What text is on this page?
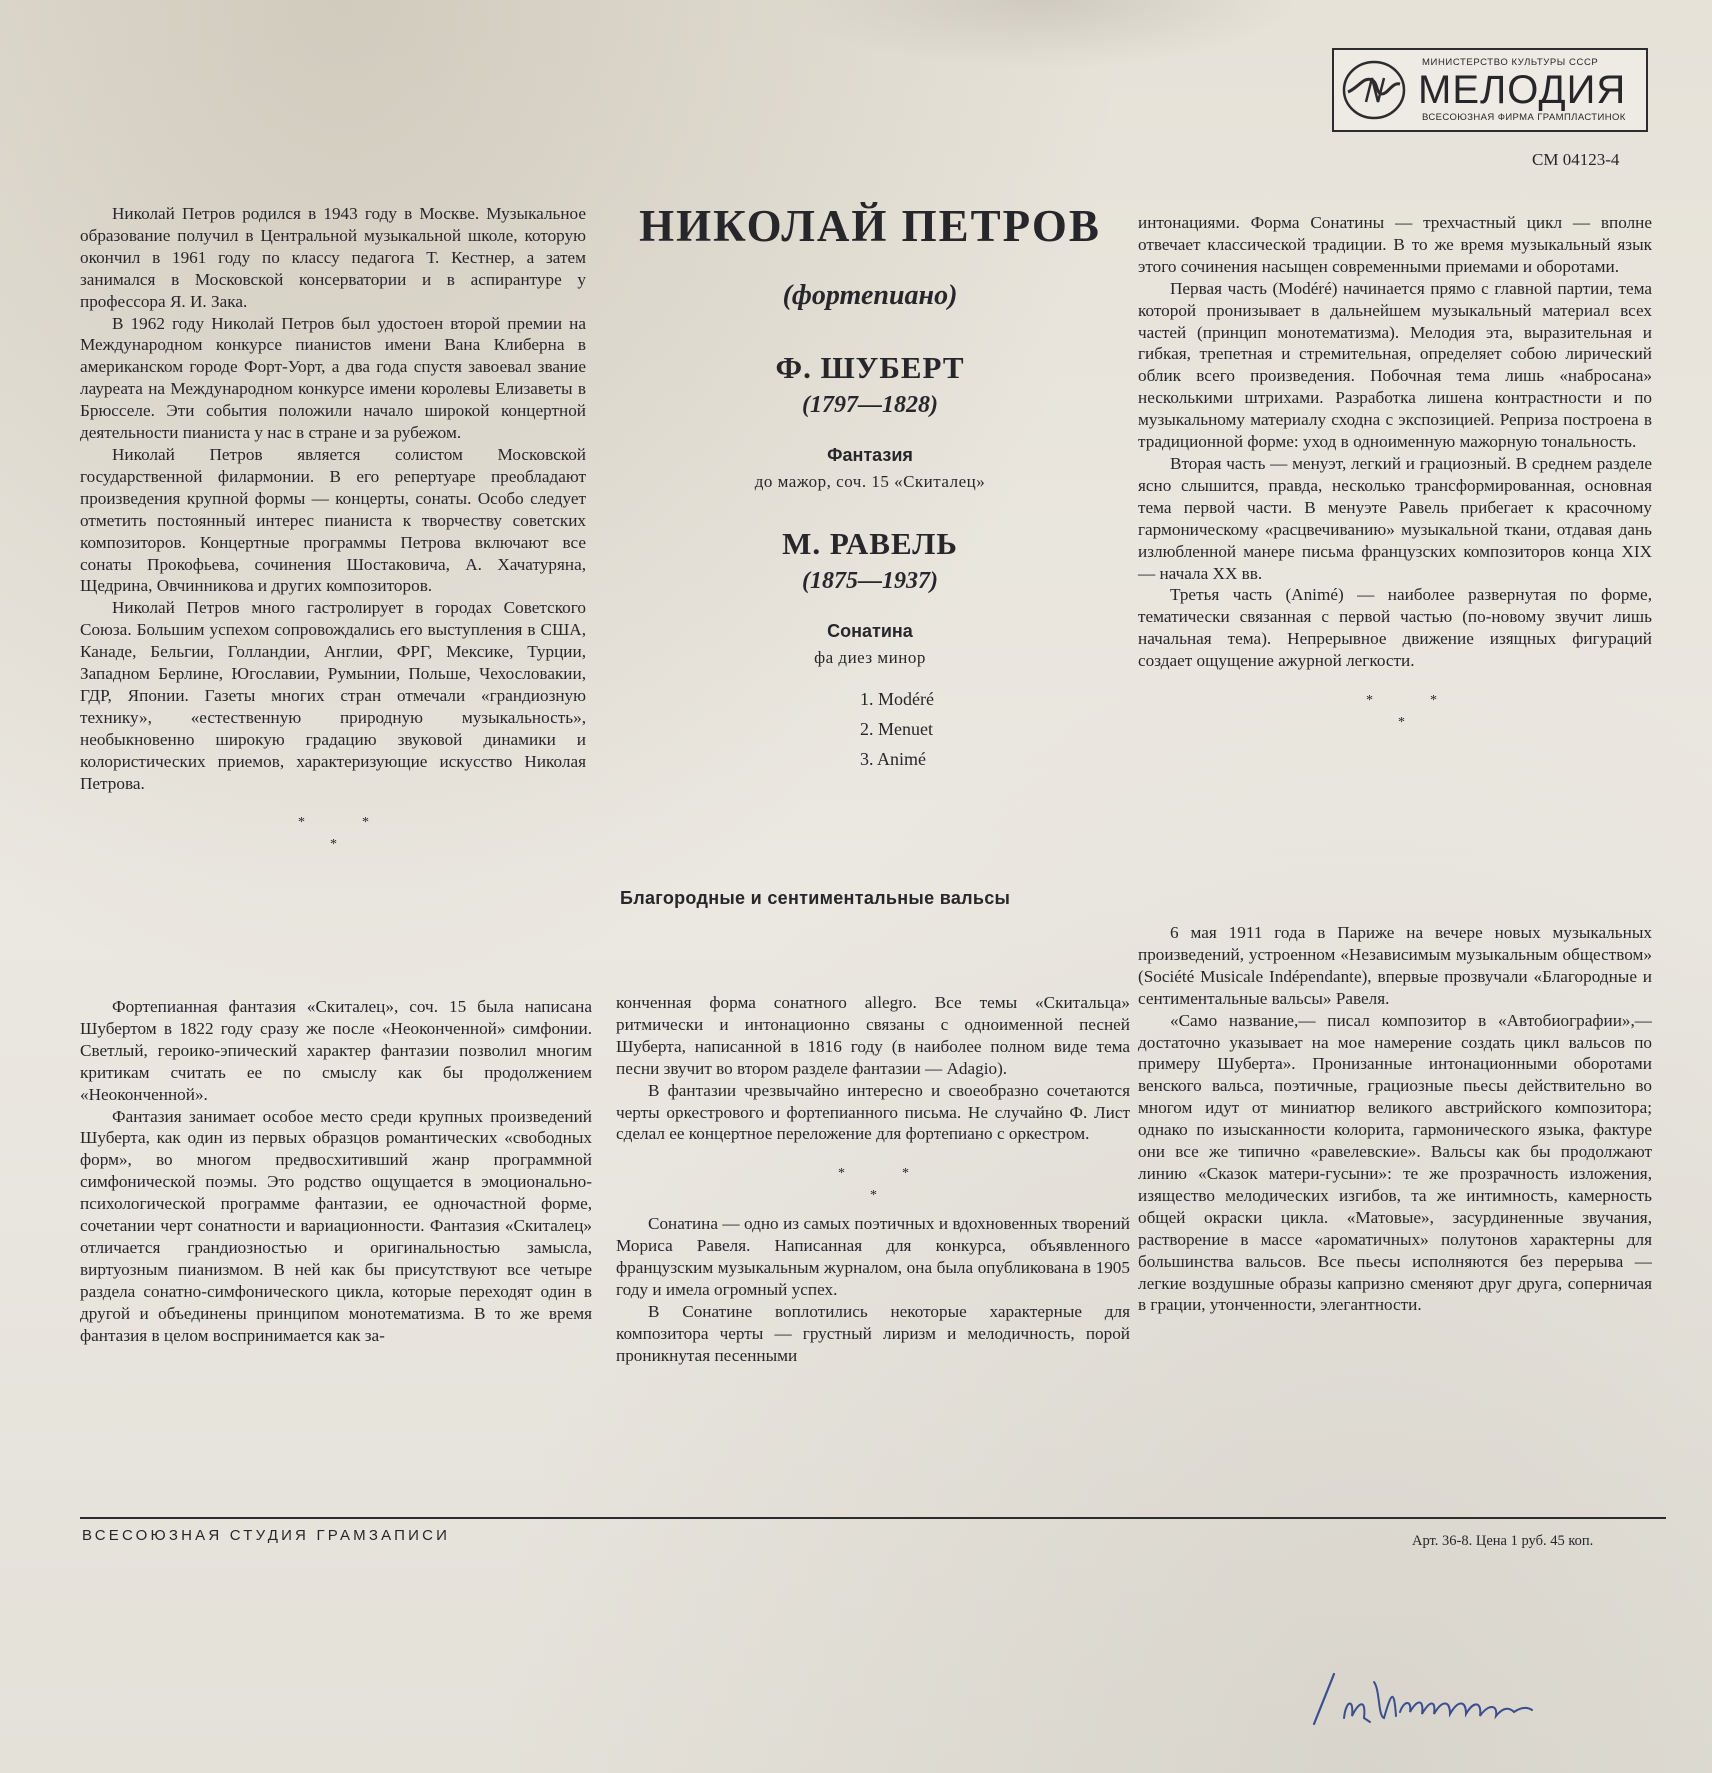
МИНИСТЕРСТВО КУЛЬТУРЫ СССР
МЕЛОДИЯ
ВСЕСОЮЗНАЯ ФИРМА ГРАМПЛАСТИНОК
СМ 04123-4

Николай Петров родился в 1943 году в Москве. Музыкальное образование получил в Центральной музыкальной школе, которую окончил в 1961 году по классу педагога Т. Кестнер, а затем занимался в Московской консерватории и в аспирантуре у профессора Я. И. Зака.

В 1962 году Николай Петров был удостоен второй премии на Международном конкурсе пианистов имени Вана Клиберна в американском городе Форт-Уорт, а два года спустя завоевал звание лауреата на Международном конкурсе имени королевы Елизаветы в Брюсселе. Эти события положили начало широкой концертной деятельности пианиста у нас в стране и за рубежом.

Николай Петров является солистом Московской государственной филармонии. В его репертуаре преобладают произведения крупной формы — концерты, сонаты. Особо следует отметить постоянный интерес пианиста к творчеству советских композиторов. Концертные программы Петрова включают все сонаты Прокофьева, сочинения Шостаковича, А. Хачатуряна, Щедрина, Овчинникова и других композиторов.

Николай Петров много гастролирует в городах Советского Союза. Большим успехом сопровождались его выступления в США, Канаде, Бельгии, Голландии, Англии, ФРГ, Мексике, Турции, Западном Берлине, Югославии, Румынии, Польше, Чехословакии, ГДР, Японии. Газеты многих стран отмечали «грандиозную технику», «естественную природную музыкальность», необыкновенно широкую градацию звуковой динамики и колористических приемов, характеризующие искусство Николая Петрова.

*	*
*

Фортепианная фантазия «Скиталец», соч. 15 была написана Шубертом в 1822 году сразу же после «Неоконченной» симфонии. Светлый, героико-эпический характер фантазии позволил многим критикам считать ее по смыслу как бы продолжением «Неоконченной».

Фантазия занимает особое место среди крупных произведений Шуберта, как один из первых образцов романтических «свободных форм», во многом предвосхитивший жанр программной симфонической поэмы. Это родство ощущается в эмоционально-психологической программе фантазии, ее одночастной форме, сочетании черт сонатности и вариационности. Фантазия «Скиталец» отличается грандиозностью и оригинальностью замысла, виртуозным пианизмом. В ней как бы присутствуют все четыре раздела сонатно-симфонического цикла, которые переходят один в другой и объединены принципом монотематизма. В то же время фантазия в целом воспринимается как за-

НИКОЛАЙ ПЕТРОВ
(фортепиано)
Ф. ШУБЕРТ
(1797—1828)
Фантазия
до мажор, соч. 15 «Скиталец»
М. РАВЕЛЬ
(1875—1937)
Сонатина
фа диез минор
1. Modéré
2. Menuet
3. Animé
Благородные и сентиментальные вальсы

конченная форма сонатного allegro. Все темы «Скитальца» ритмически и интонационно связаны с одноименной песней Шуберта, написанной в 1816 году (в наиболее полном виде тема песни звучит во втором разделе фантазии — Adagio).

В фантазии чрезвычайно интересно и своеобразно сочетаются черты оркестрового и фортепианного письма. Не случайно Ф. Лист сделал ее концертное переложение для фортепиано с оркестром.

*	*
*

Сонатина — одно из самых поэтичных и вдохновенных творений Мориса Равеля. Написанная для конкурса, объявленного французским музыкальным журналом, она была опубликована в 1905 году и имела огромный успех.

В Сонатине воплотились некоторые характерные для композитора черты — грустный лиризм и мелодичность, порой проникнутая песенными

интонациями. Форма Сонатины — трехчастный цикл — вполне отвечает классической традиции. В то же время музыкальный язык этого сочинения насыщен современными приемами и оборотами.

Первая часть (Modéré) начинается прямо с главной партии, тема которой пронизывает в дальнейшем музыкальный материал всех частей (принцип монотематизма). Мелодия эта, выразительная и гибкая, трепетная и стремительная, определяет собою лирический облик всего произведения. Побочная тема лишь «набросана» несколькими штрихами. Разработка лишена контрастности и по музыкальному материалу сходна с экспозицией. Реприза построена в традиционной форме: уход в одноименную мажорную тональность.

Вторая часть — менуэт, легкий и грациозный. В среднем разделе ясно слышится, правда, несколько трансформированная, основная тема первой части. В менуэте Равель прибегает к красочному гармоническому «расцвечиванию» музыкальной ткани, отдавая дань излюбленной манере письма французских композиторов конца XIX — начала XX вв.

Третья часть (Animé) — наиболее развернутая по форме, тематически связанная с первой частью (по-новому звучит лишь начальная тема). Непрерывное движение изящных фигураций создает ощущение ажурной легкости.

*	*
*

6 мая 1911 года в Париже на вечере новых музыкальных произведений, устроенном «Независимым музыкальным обществом» (Société Musicale Indépendante), впервые прозвучали «Благородные и сентиментальные вальсы» Равеля.

«Само название,— писал композитор в «Автобиографии»,— достаточно указывает на мое намерение создать цикл вальсов по примеру Шуберта». Пронизанные интонационными оборотами венского вальса, поэтичные, грациозные пьесы действительно во многом идут от миниатюр великого австрийского композитора; однако по изысканности колорита, гармонического языка, фактуре они все же типично «равелевские». Вальсы как бы продолжают линию «Сказок матери-гусыни»: те же прозрачность изложения, изящество мелодических изгибов, та же интимность, камерность общей окраски цикла. «Матовые», засурдиненные звучания, растворение в массе «ароматичных» полутонов характерны для большинства вальсов. Все пьесы исполняются без перерыва — легкие воздушные образы капризно сменяют друг друга, соперничая в грации, утонченности, элегантности.

ВСЕСОЮЗНАЯ СТУДИЯ ГРАМЗАПИСИ	Арт. 36-8. Цена 1 руб. 45 коп.
